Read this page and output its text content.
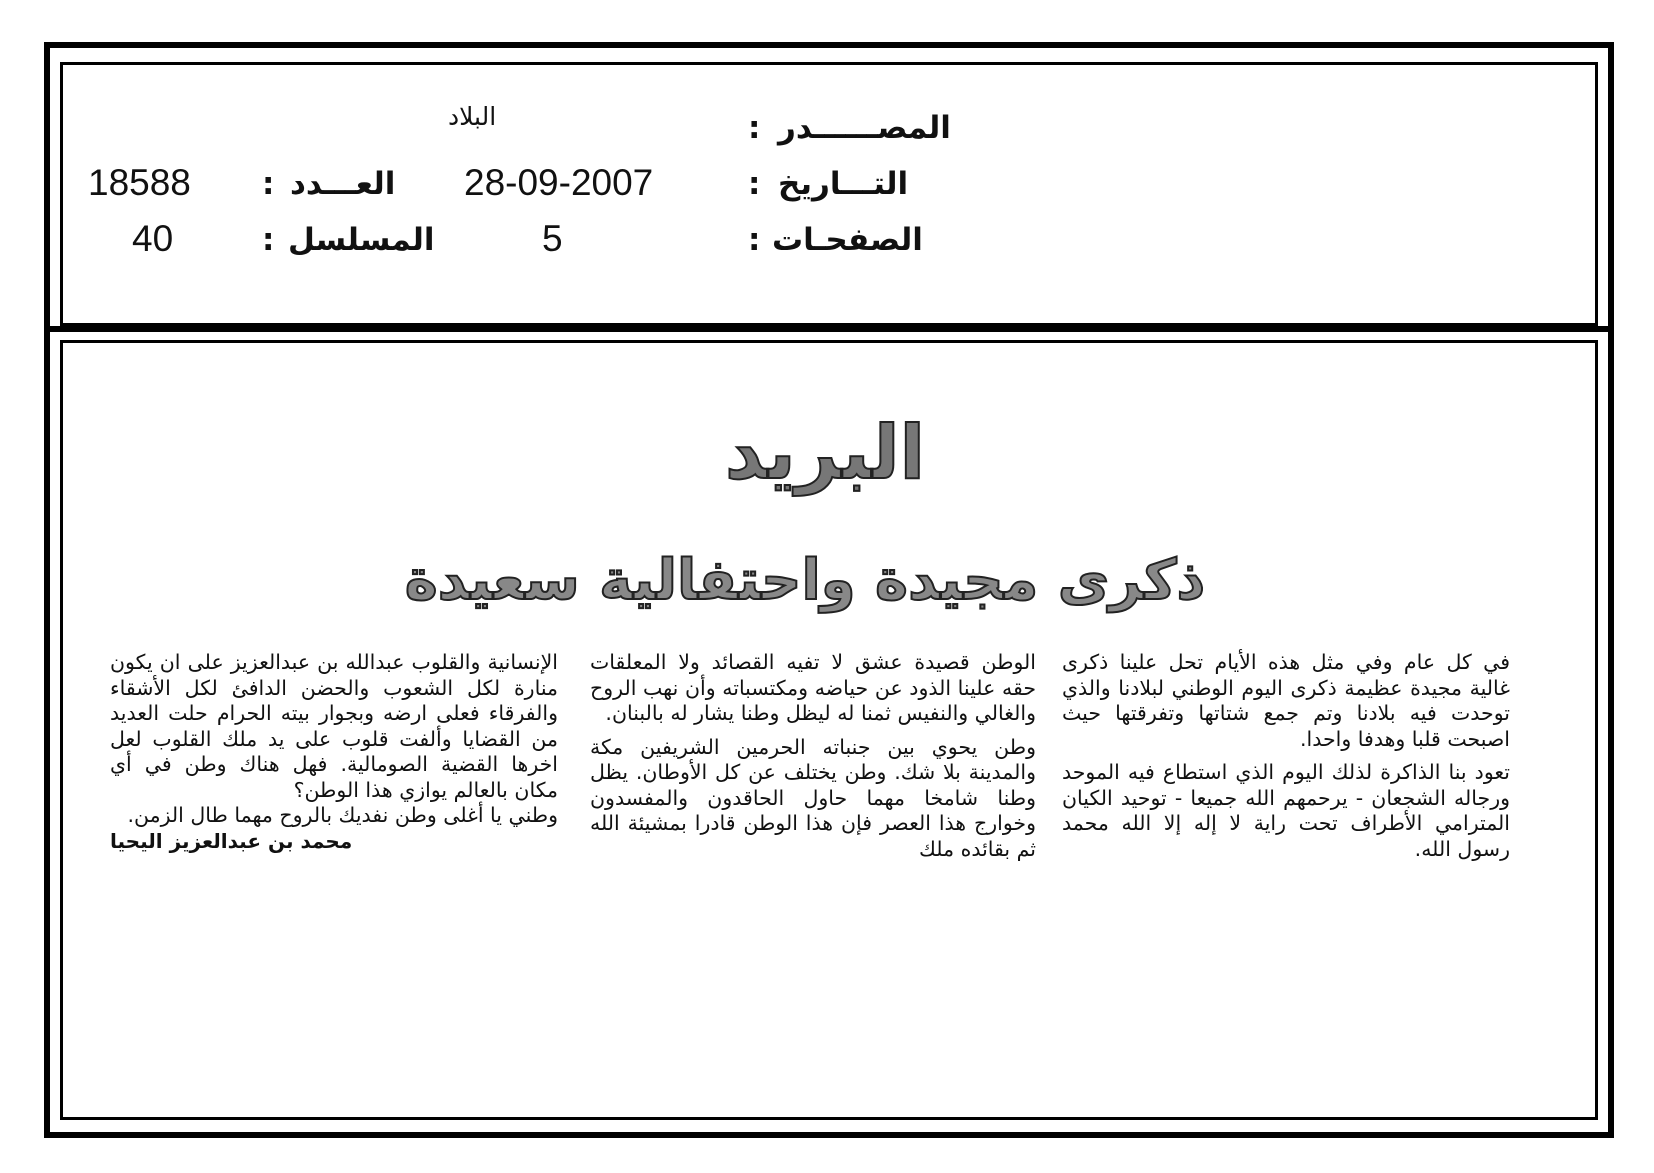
المصــــــدر
:
البلاد
التـــاريخ
:
28-09-2007
العـــدد
:
18588
الصفحـات
:
5
المسلسل
:
40
البريد
ذكرى مجيدة واحتفالية سعيدة

في كل عام وفي مثل هذه الأيام تحل علينا ذكرى غالية مجيدة عظيمة ذكرى اليوم الوطني لبلادنا والذي توحدت فيه بلادنا وتم جمع شتاتها وتفرقتها حيث اصبحت قلبا وهدفا واحدا.

تعود بنا الذاكرة لذلك اليوم الذي استطاع فيه الموحد ورجاله الشجعان - يرحمهم الله جميعا - توحيد الكيان المترامي الأطراف تحت راية لا إله إلا الله محمد رسول الله.

الوطن قصيدة عشق لا تفيه القصائد ولا المعلقات حقه علينا الذود عن حياضه ومكتسباته وأن نهب الروح والغالي والنفيس ثمنا له ليظل وطنا يشار له بالبنان.

وطن يحوي بين جنباته الحرمين الشريفين مكة والمدينة بلا شك. وطن يختلف عن كل الأوطان. يظل وطنا شامخا مهما حاول الحاقدون والمفسدون وخوارج هذا العصر فإن هذا الوطن قادرا بمشيئة الله ثم بقائده ملك

الإنسانية والقلوب عبدالله بن عبدالعزيز على ان يكون منارة لكل الشعوب والحضن الدافئ لكل الأشقاء والفرقاء فعلى ارضه وبجوار بيته الحرام حلت العديد من القضايا وألفت قلوب على يد ملك القلوب لعل اخرها القضية الصومالية. فهل هناك وطن في أي مكان بالعالم يوازي هذا الوطن؟

وطني يا أغلى وطن نفديك بالروح مهما طال الزمن.

محمد بن عبدالعزيز اليحيا
